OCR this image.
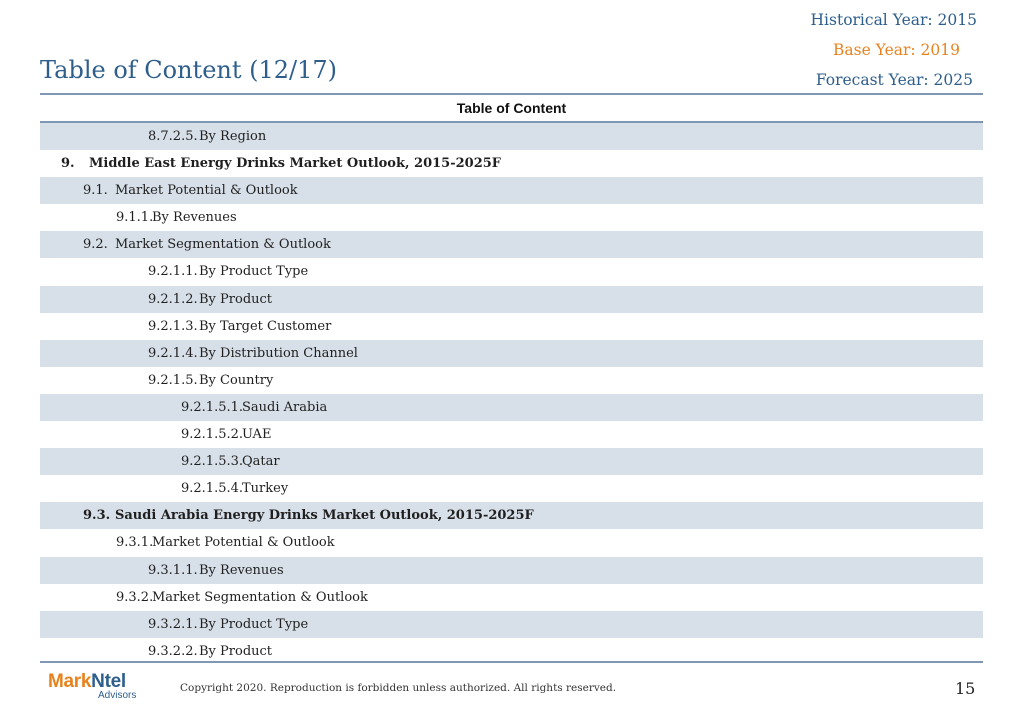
Historical Year: 2015
Base Year: 2019
Forecast Year: 2025
Table of Content (12/17)
Table of Content
8.7.2.5. By Region
9. Middle East Energy Drinks Market Outlook, 2015-2025F
9.1. Market Potential & Outlook
9.1.1.
By Revenues
9.2. Market Segmentation & Outlook
9.2.1.1. By Product Type
9.2.1.2. By Product
9.2.1.3. By Target Customer
9.2.1.4. By Distribution Channel
9.2.1.5. By Country
9.2.1.5.1.
Saudi Arabia
9.2.1.5.2.
UAE
9.2.1.5.3.
Qatar
9.2.1.5.4.
Turkey
9.3. Saudi Arabia Energy Drinks Market Outlook, 2015-2025F
9.3.1.
Market Potential & Outlook
9.3.1.1. By Revenues
9.3.2.
Market Segmentation & Outlook
9.3.2.1. By Product Type
9.3.2.2. By Product
MarkNtel
Advisors
Copyright 2020. Reproduction is forbidden unless authorized. All rights reserved.	15
